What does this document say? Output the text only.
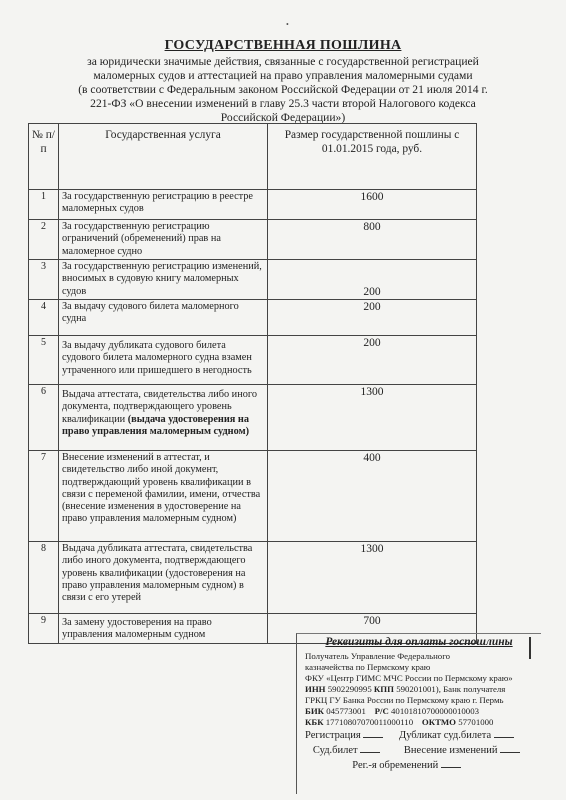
•
ГОСУДАРСТВЕННАЯ ПОШЛИНА
за юридически значимые действия, связанные с государственной регистрацией
маломерных судов и аттестацией на право управления маломерными судами
(в соответствии с Федеральным законом Российской Федерации от 21 июля 2014 г.
221-ФЗ «О внесении изменений в главу 25.3 части второй Налогового кодекса
Российской Федерации»)
№ п/п	Государственная услуга	Размер государственной пошлины с 01.01.2015 года, руб.
1	За государственную регистрацию в реестре маломерных судов	1600
2	За государственную регистрацию ограничений (обременений) прав на маломерное судно	800
3	За государственную регистрацию изменений, вносимых в судовую книгу маломерных судов	200
4	За выдачу судового билета маломерного судна	200
5	За выдачу дубликата судового билета судового билета маломерного судна взамен утраченного или пришедшего в негодность	200
6	Выдача аттестата, свидетельства либо иного документа, подтверждающего уровень квалификации (выдача удостоверения на право управления маломерным судном)	1300
7	Внесение изменений в аттестат, и свидетельство либо иной документ, подтверждающий уровень квалификации в связи с переменой фамилии, имени, отчества (внесение изменения в удостоверение на право управления маломерным судном)	400
8	Выдача дубликата аттестата, свидетельства либо иного документа, подтверждающего уровень квалификации (удостоверения на право управления маломерным судном) в связи с его утерей	1300
9	За замену удостоверения на право управления маломерным судном	700
Реквизиты для оплаты госпошлины
Получатель Управление Федерального
казначейства по Пермскому краю
ФКУ «Центр ГИМС МЧС России по Пермскому краю»
ИНН 5902290995 КПП 590201001), Банк получателя
ГРКЦ ГУ Банка России по Пермскому краю г. Пермь
БИК 045773001 Р/С 40101810700000010003
КБК 17710807070011000110 ОКТМО 57701000
Регистрация	Дубликат суд.билета
Суд.билет	Внесение изменений
Рег.-я обременений
